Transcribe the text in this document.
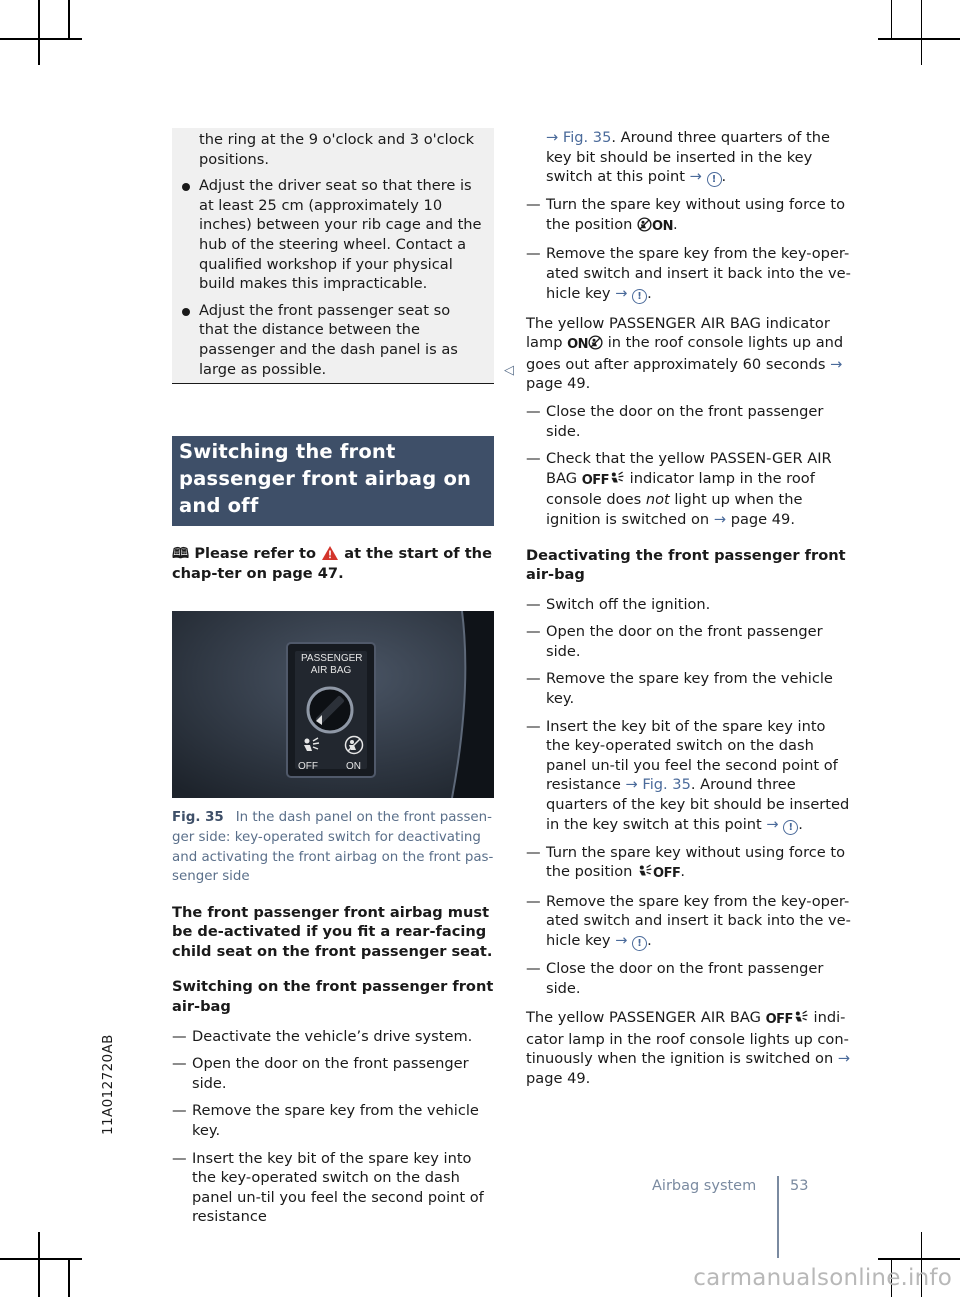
the ring at the 9 o'clock and 3 o'clock positions.

Adjust the driver seat so that there is at least 25 cm (approximately 10 inches) between your rib cage and the hub of the steering wheel. Contact a qualified workshop if your physical build makes this impracticable.
Adjust the front passenger seat so that the distance between the passenger and the dash panel is as large as possible.	◁
Switching the front passenger front airbag on and off
🕮 Please refer to at the start of the chap-ter on page 47.
PASSENGER
AIR BAG
OFF	ON
Fig. 35 In the dash panel on the front passen-ger side: key-operated switch for deactivating and activating the front airbag on the front pas-senger side

The front passenger front airbag must be de-activated if you fit a rear-facing child seat on the front passenger seat.

Switching on the front passenger front air-bag

— Deactivate the vehicle’s drive system.
— Open the door on the front passenger side.
— Remove the spare key from the vehicle key.
— Insert the key bit of the spare key into the key-operated switch on the dash panel un-til you feel the second point of resistance
→ Fig. 35. Around three quarters of the key bit should be inserted in the key switch at this point → ! .
— Turn the spare key without using force to the position ON.
— Remove the spare key from the key-oper-ated switch and insert it back into the ve-hicle key → ! .

The yellow PASSENGER AIR BAG indicator lamp ON in the roof console lights up and goes out after approximately 60 seconds → page 49.

— Close the door on the front passenger side.
— Check that the yellow PASSEN-GER AIR BAG OFF indicator lamp in the roof console does not light up when the ignition is switched on → page 49.

Deactivating the front passenger front air-bag

— Switch off the ignition.
— Open the door on the front passenger side.
— Remove the spare key from the vehicle key.
— Insert the key bit of the spare key into the key-operated switch on the dash panel un-til you feel the second point of resistance → Fig. 35. Around three quarters of the key bit should be inserted in the key switch at this point → ! .
— Turn the spare key without using force to the position OFF.
— Remove the spare key from the key-oper-ated switch and insert it back into the ve-hicle key → ! .
— Close the door on the front passenger side.

The yellow PASSENGER AIR BAG OFF indi-cator lamp in the roof console lights up con-tinuously when the ignition is switched on → page 49.

Airbag system 53
11A012720AB
carmanualsonline.info
